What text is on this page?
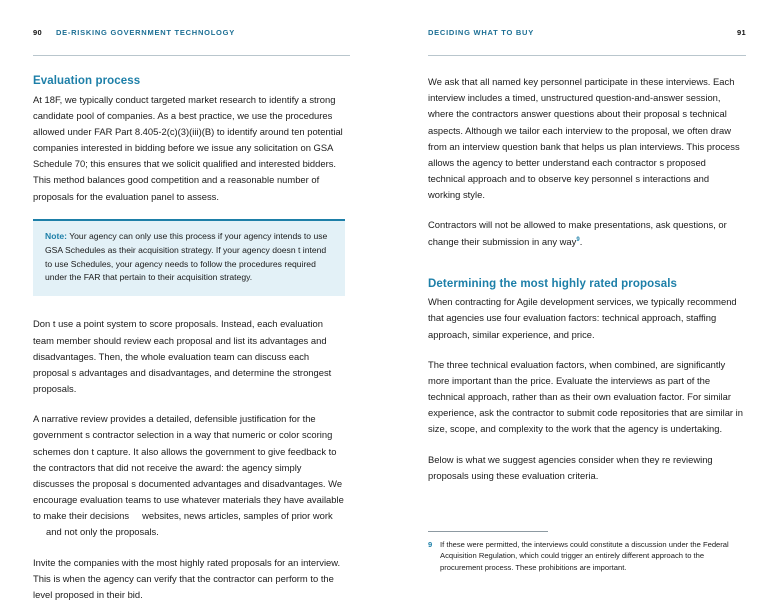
90 DE-RISKING GOVERNMENT TECHNOLOGY
Evaluation process

At 18F, we typically conduct targeted market research to identify a strong candidate pool of companies. As a best practice, we use the procedures allowed under FAR Part 8.405-2(c)(3)(iii)(B) to identify around ten potential companies interested in bidding before we issue any solicitation on GSA Schedule 70; this ensures that we solicit qualified and interested bidders. This method balances good competition and a reasonable number of proposals for the evaluation panel to assess.

Note: Your agency can only use this process if your agency intends to use GSA Schedules as their acquisition strategy. If your agency doesn t intend to use Schedules, your agency needs to follow the procedures required under the FAR that pertain to their acquisition strategy.

Don t use a point system to score proposals. Instead, each evaluation team member should review each proposal and list its advantages and disadvantages. Then, the whole evaluation team can discuss each proposal s advantages and disadvantages, and determine the strongest proposals.

A narrative review provides a detailed, defensible justification for the government s contractor selection in a way that numeric or color scoring schemes don t capture. It also allows the government to give feedback to the contractors that did not receive the award: the agency simply discusses the proposal s documented advantages and disadvantages. We encourage evaluation teams to use whatever materials they have available to make their decisions websites, news articles, samples of prior workand not only the proposals.

Invite the companies with the most highly rated proposals for an interview. This is when the agency can verify that the contractor can perform to the level proposed in their bid.

DECIDING WHAT TO BUY	91

We ask that all named key personnel participate in these interviews. Each interview includes a timed, unstructured question-and-answer session, where the contractors answer questions about their proposal s technical aspects. Although we tailor each interview to the proposal, we often draw from an interview question bank that helps us plan interviews. This process allows the agency to better understand each contractor s proposed technical approach and to observe key personnel s interactions and working style.

Contractors will not be allowed to make presentations, ask questions, or change their submission in any way$^9$.

Determining the most highly rated proposals

When contracting for Agile development services, we typically recommend that agencies use four evaluation factors: technical approach, staffing approach, similar experience, and price.

The three technical evaluation factors, when combined, are significantly more important than the price. Evaluate the interviews as part of the technical approach, rather than as their own evaluation factor. For similar experience, ask the contractor to submit code repositories that are similar in size, scope, and complexity to the work that the agency is undertaking.

Below is what we suggest agencies consider when they re reviewing proposals using these evaluation criteria.

9	If these were permitted, the interviews could constitute a discussion under the Federal Acquisition Regulation, which could trigger an entirely different approach to the procurement process. These prohibitions are important.
